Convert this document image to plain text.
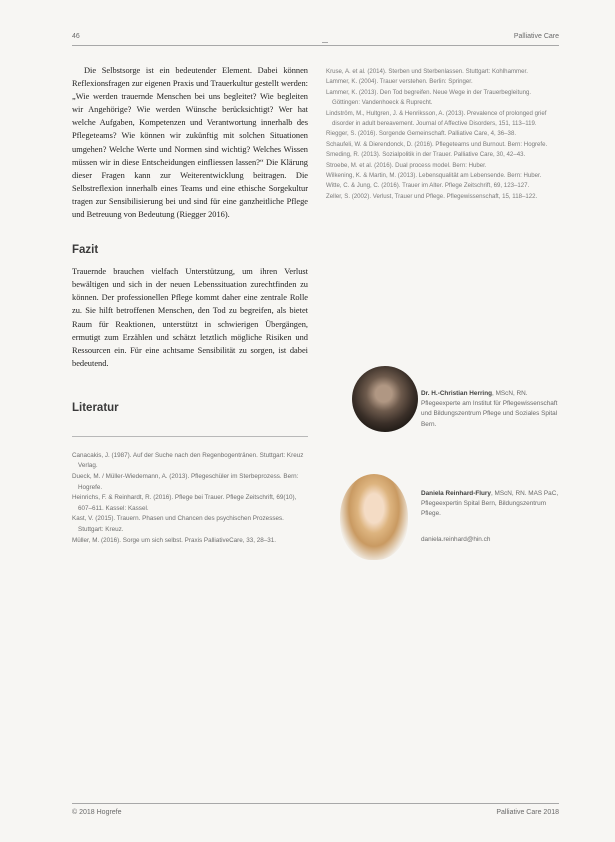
46	Palliative Care

Die Selbstsorge ist ein bedeutender Element. Dabei können Reflexionsfragen zur eigenen Praxis und Trauerkultur gestellt werden: „Wie werden trauernde Menschen bei uns begleitet? Wie begleiten wir Angehörige? Wie werden Wünsche berücksichtigt? Wer hat welche Aufgaben, Kompetenzen und Verantwortung innerhalb des Pflegeteams? Wie können wir zukünftig mit solchen Situationen umgehen? Welche Werte und Normen sind wichtig? Welches Wissen müssen wir in diese Entscheidungen einfliessen lassen?“ Die Klärung dieser Fragen kann zur Weiterentwicklung beitragen. Die Selbstreflexion innerhalb eines Teams und eine ethische Sorgekultur tragen zur Sensibilisierung bei und sind für eine ganzheitliche Pflege und Betreuung von Bedeutung (Riegger 2016).

Fazit

Trauernde brauchen vielfach Unterstützung, um ihren Verlust bewältigen und sich in der neuen Lebenssituation zurechtfinden zu können. Der professionellen Pflege kommt daher eine zentrale Rolle zu. Sie hilft betroffenen Menschen, den Tod zu begreifen, als bietet Raum für Reaktionen, unterstützt in schwierigen Übergängen, ermutigt zum Erzählen und schätzt letztlich mögliche Risiken und Ressourcen ein. Für eine achtsame Sensibilität zu sorgen, ist dabei bedeutend.

Literatur

Canacakis, J. (1987). Auf der Suche nach den Regenbogentränen. Stuttgart: Kreuz Verlag.

Dueck, M. / Müller-Wiedemann, A. (2013). Pflegeschüler im Sterbeprozess. Bern: Hogrefe.

Heinrichs, F. & Reinhardt, R. (2016). Pflege bei Trauer. Pflege Zeitschrift, 69(10), 607–611. Kassel: Kassel.

Kast, V. (2015). Trauern. Phasen und Chancen des psychischen Prozesses. Stuttgart: Kreuz.

Müller, M. (2016). Sorge um sich selbst. Praxis PalliativeCare, 33, 28–31.

Kruse, A. et al. (2014). Sterben und Sterbenlassen. Stuttgart: Kohlhammer.

Lammer, K. (2004). Trauer verstehen. Berlin: Springer.

Lammer, K. (2013). Den Tod begreifen. Neue Wege in der Trauerbegleitung. Göttingen: Vandenhoeck & Ruprecht.

Lindström, M., Hultgren, J. & Henriksson, A. (2013). Prevalence of prolonged grief disorder in adult bereavement. Journal of Affective Disorders, 151, 113–119.

Riegger, S. (2016). Sorgende Gemeinschaft. Palliative Care, 4, 36–38.

Schaufeli, W. & Dierendonck, D. (2016). Pflegeteams und Burnout. Bern: Hogrefe.

Smeding, R. (2013). Sozialpolitik in der Trauer. Palliative Care, 30, 42–43.

Stroebe, M. et al. (2016). Dual process model. Bern: Huber.

Wilkening, K. & Martin, M. (2013). Lebensqualität am Lebensende. Bern: Huber.

Witte, C. & Jung, C. (2016). Trauer im Alter. Pflege Zeitschrift, 69, 123–127.

Zeller, S. (2002). Verlust, Trauer und Pflege. Pflegewissenschaft, 15, 118–122.

Dr. H.-Christian Herring, MScN, RN. Pflegeexperte am Institut für Pflegewissenschaft und Bildungszentrum Pflege und Soziales Spital Bern.
Daniela Reinhard-Flury, MScN, RN. MAS PaC, Pflegeexpertin Spital Bern, Bildungszentrum Pflege.
daniela.reinhard@hin.ch
© 2018 Hogrefe	Palliative Care 2018
